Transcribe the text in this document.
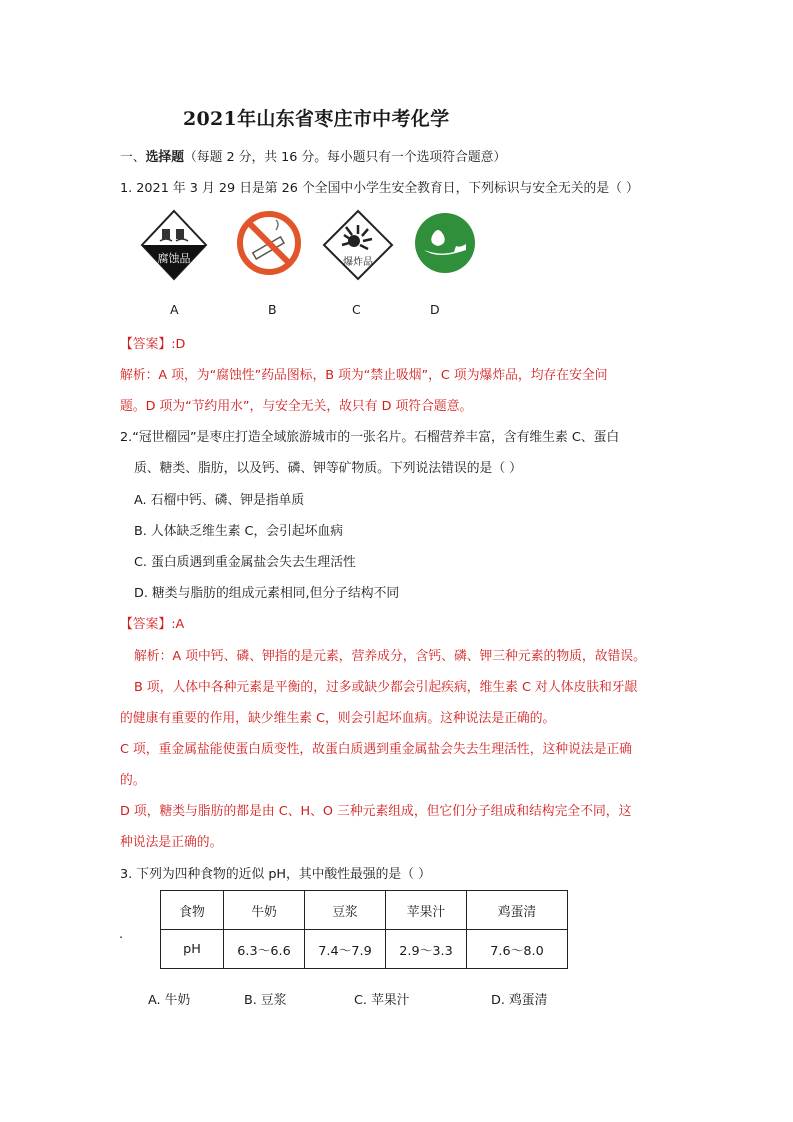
2021年山东省枣庄市中考化学
一、选择题（每题 2 分，共 16 分。每小题只有一个选项符合题意）
1. 2021 年 3 月 29 日是第 26 个全国中小学生安全教育日，下列标识与安全无关的是（ ）
腐蚀品	爆炸品
A	B	C	D
【答案】:D
解析：A 项，为“腐蚀性”药品图标，B 项为“禁止吸烟”，C 项为爆炸品，均存在安全问
题。D 项为“节约用水”，与安全无关，故只有 D 项符合题意。
2.“冠世榴园”是枣庄打造全域旅游城市的一张名片。石榴营养丰富，含有维生素 C、蛋白
质、糖类、脂肪，以及钙、磷、钾等矿物质。下列说法错误的是（ ）
A. 石榴中钙、磷、钾是指单质
B. 人体缺乏维生素 C，会引起坏血病
C. 蛋白质遇到重金属盐会失去生理活性
D. 糖类与脂肪的组成元素相同,但分子结构不同
【答案】:A
解析：A 项中钙、磷、钾指的是元素，营养成分，含钙、磷、钾三种元素的物质，故错误。
B 项，人体中各种元素是平衡的，过多或缺少都会引起疾病，维生素 C 对人体皮肤和牙龈
的健康有重要的作用，缺少维生素 C，则会引起坏血病。这种说法是正确的。
C 项，重金属盐能使蛋白质变性，故蛋白质遇到重金属盐会失去生理活性，这种说法是正确
的。
D 项，糖类与脂肪的都是由 C、H、O 三种元素组成，但它们分子组成和结构完全不同，这
种说法是正确的。
3. 下列为四种食物的近似 pH，其中酸性最强的是（ ）
.
食物	牛奶	豆浆	苹果汁	鸡蛋清
pH	6.3～6.6	7.4～7.9	2.9～3.3	7.6～8.0
A. 牛奶	B. 豆浆	C. 苹果汁	D. 鸡蛋清
